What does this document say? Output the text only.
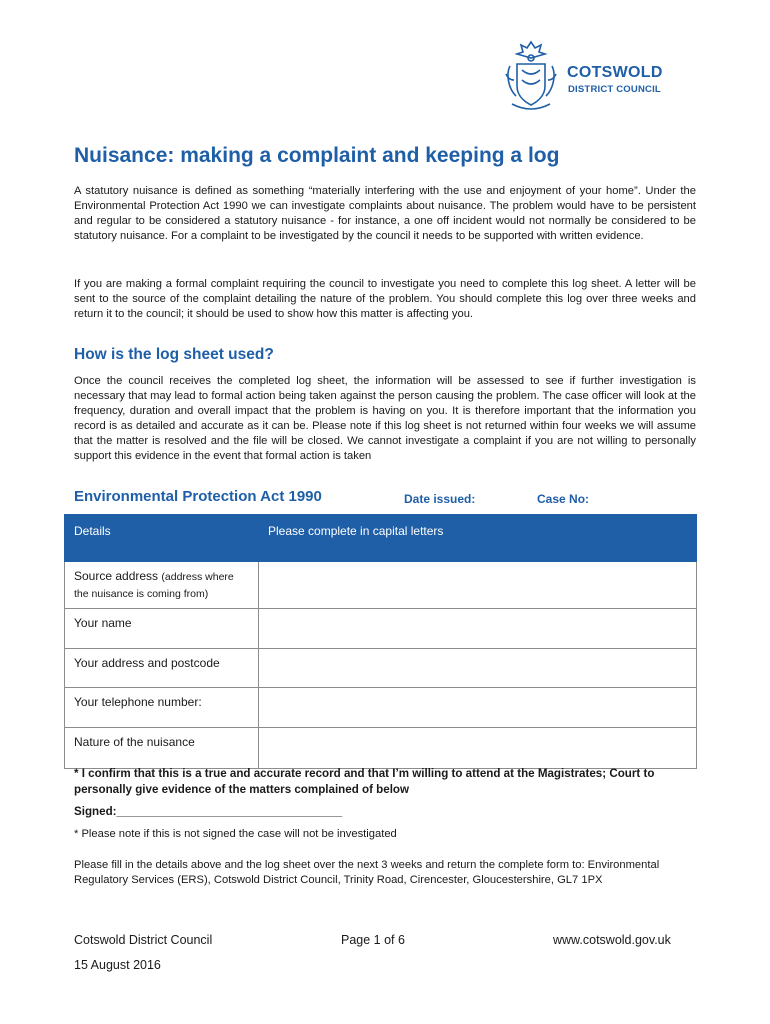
COTSWOLD
DISTRICT COUNCIL
Nuisance: making a complaint and keeping a log

A statutory nuisance is defined as something “materially interfering with the use and enjoyment of your home”. Under the Environmental Protection Act 1990 we can investigate complaints about nuisance. The problem would have to be persistent and regular to be considered a statutory nuisance - for instance, a one off incident would not normally be considered to be statutory nuisance. For a complaint to be investigated by the council it needs to be supported with written evidence.

If you are making a formal complaint requiring the council to investigate you need to complete this log sheet. A letter will be sent to the source of the complaint detailing the nature of the problem. You should complete this log over three weeks and return it to the council; it should be used to show how this matter is affecting you.

How is the log sheet used?

Once the council receives the completed log sheet, the information will be assessed to see if further investigation is necessary that may lead to formal action being taken against the person causing the problem. The case officer will look at the frequency, duration and overall impact that the problem is having on you. It is therefore important that the information you record is as detailed and accurate as it can be. Please note if this log sheet is not returned within four weeks we will assume that the matter is resolved and the file will be closed. We cannot investigate a complaint if you are not willing to personally support this evidence in the event that formal action is taken

Environmental Protection Act 1990	Date issued:	Case No:
Details	Please complete in capital letters
Source address (address where the nuisance is coming from)	
Your name	
Your address and postcode	
Your telephone number:	
Nature of the nuisance	
* I confirm that this is a true and accurate record and that I’m willing to attend at the Magistrates; Court to personally give evidence of the matters complained of below
Signed:___________________________________
* Please note if this is not signed the case will not be investigated
Please fill in the details above and the log sheet over the next 3 weeks and return the complete form to: Environmental Regulatory Services (ERS), Cotswold District Council, Trinity Road, Cirencester, Gloucestershire, GL7 1PX
Cotswold District Council
15 August 2016
Page 1 of 6	www.cotswold.gov.uk
